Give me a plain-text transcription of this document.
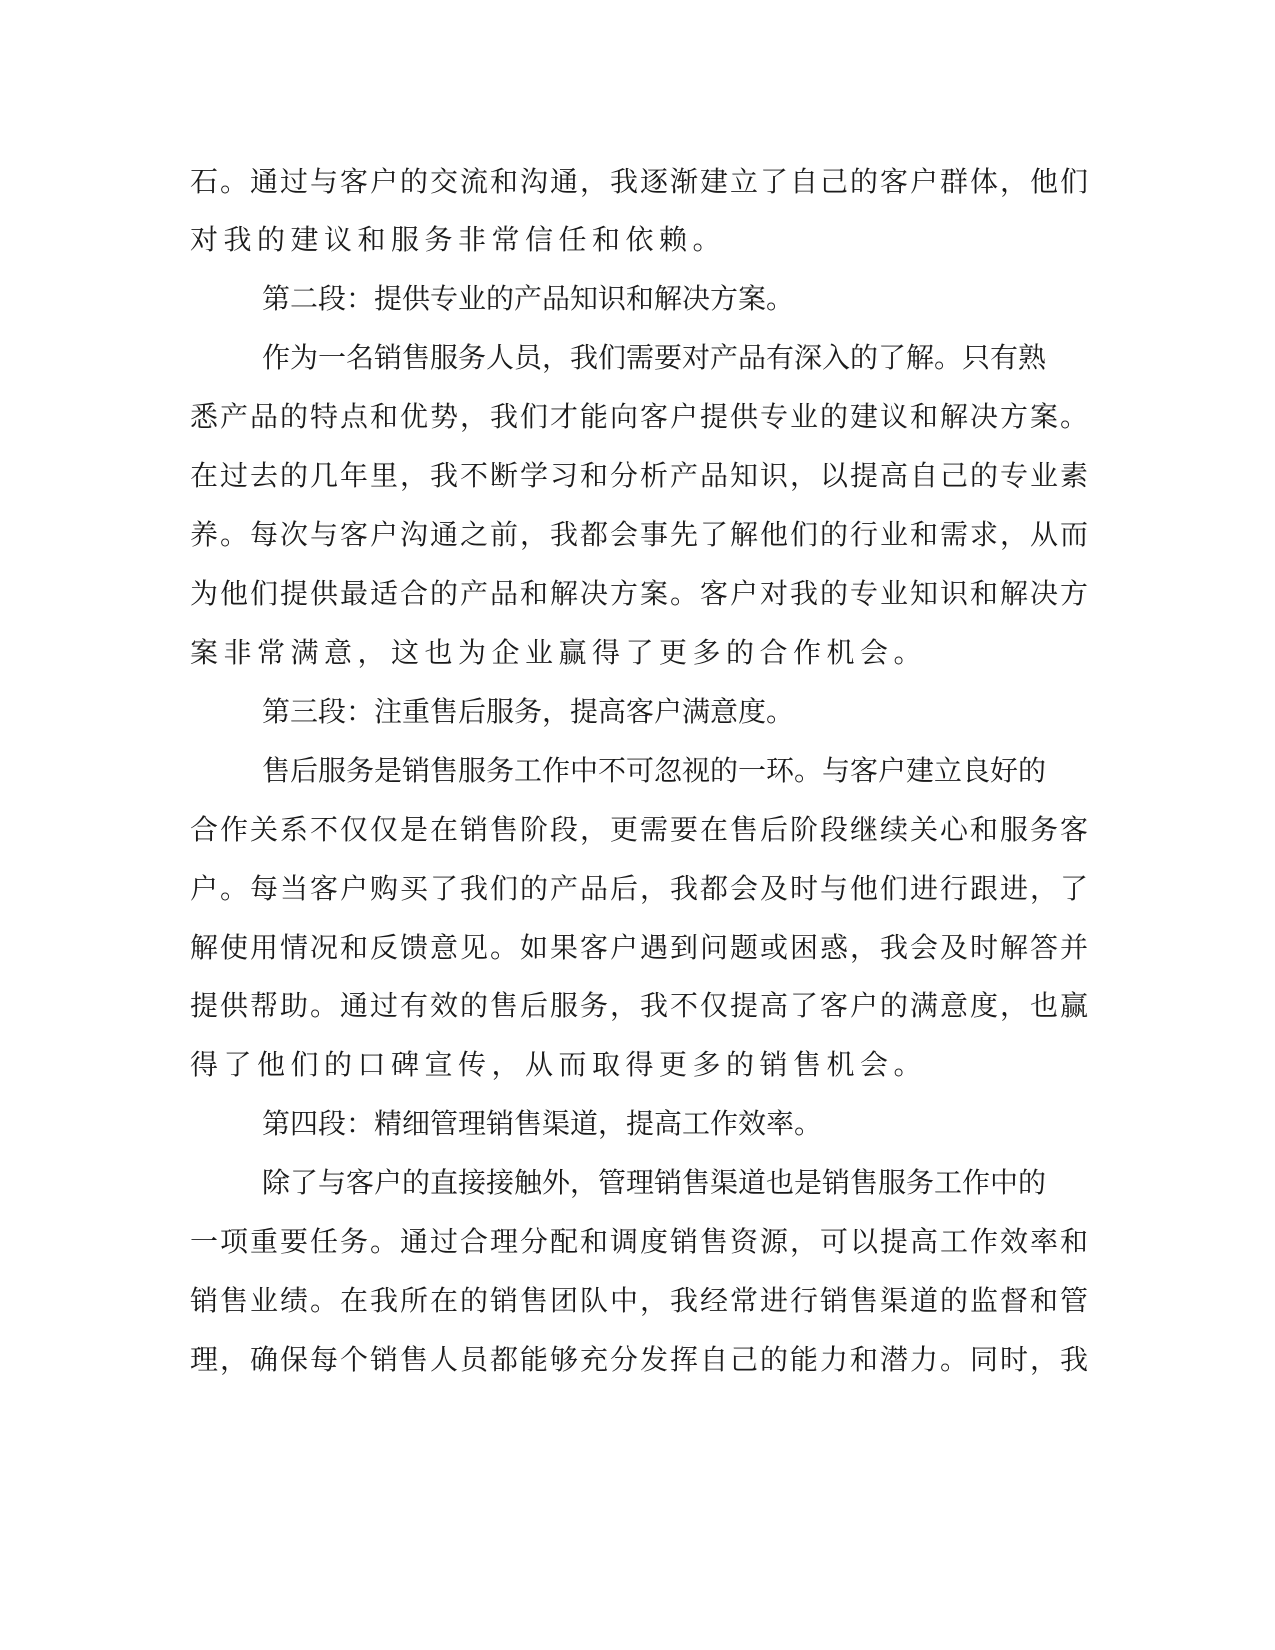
石。通过与客户的交流和沟通，我逐渐建立了自己的客户群体，他们
对我的建议和服务非常信任和依赖。
第二段：提供专业的产品知识和解决方案。
作为一名销售服务人员，我们需要对产品有深入的了解。只有熟
悉产品的特点和优势，我们才能向客户提供专业的建议和解决方案。
在过去的几年里，我不断学习和分析产品知识，以提高自己的专业素
养。每次与客户沟通之前，我都会事先了解他们的行业和需求，从而
为他们提供最适合的产品和解决方案。客户对我的专业知识和解决方
案非常满意，这也为企业赢得了更多的合作机会。
第三段：注重售后服务，提高客户满意度。
售后服务是销售服务工作中不可忽视的一环。与客户建立良好的
合作关系不仅仅是在销售阶段，更需要在售后阶段继续关心和服务客
户。每当客户购买了我们的产品后，我都会及时与他们进行跟进，了
解使用情况和反馈意见。如果客户遇到问题或困惑，我会及时解答并
提供帮助。通过有效的售后服务，我不仅提高了客户的满意度，也赢
得了他们的口碑宣传，从而取得更多的销售机会。
第四段：精细管理销售渠道，提高工作效率。
除了与客户的直接接触外，管理销售渠道也是销售服务工作中的
一项重要任务。通过合理分配和调度销售资源，可以提高工作效率和
销售业绩。在我所在的销售团队中，我经常进行销售渠道的监督和管
理，确保每个销售人员都能够充分发挥自己的能力和潜力。同时，我
